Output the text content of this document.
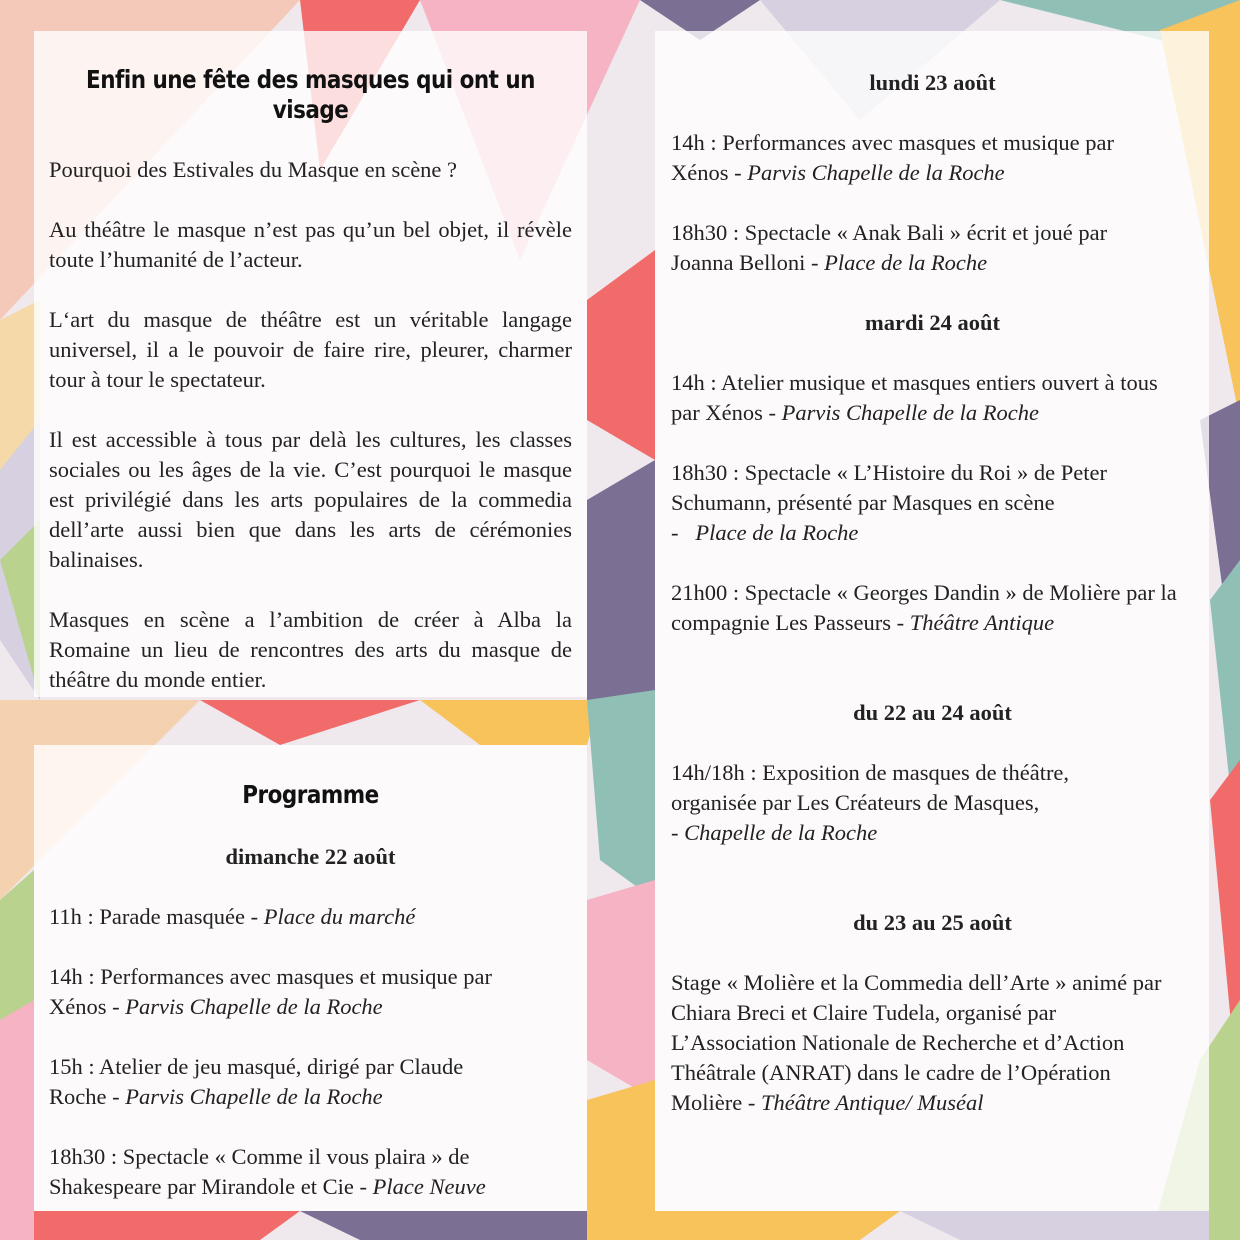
Enfin une fête des masques qui ont un visage

Pourquoi des Estivales du Masque en scène ?

Au théâtre le masque n’est pas qu’un bel objet, il révèle toute l’humanité de l’acteur.

L‘art du masque de théâtre est un véritable langage universel, il a le pouvoir de faire rire, pleurer, charmer tour à tour le spectateur.

Il est accessible à tous par delà les cultures, les classes sociales ou les âges de la vie. C’est pourquoi le masque est privilégié dans les arts populaires de la commedia dell’arte aussi bien que dans les arts de cérémonies balinaises.

Masques en scène a l’ambition de créer à Alba la Romaine un lieu de rencontres des arts du masque de théâtre du monde entier.

Programme

dimanche 22 août

11h : Parade masquée - Place du marché

14h : Performances avec masques et musique par Xénos - Parvis Chapelle de la Roche

15h : Atelier de jeu masqué, dirigé par Claude Roche - Parvis Chapelle de la Roche

18h30 : Spectacle « Comme il vous plaira » de Shakespeare par Mirandole et Cie - Place Neuve

lundi 23 août

14h : Performances avec masques et musique par Xénos - Parvis Chapelle de la Roche

18h30 : Spectacle « Anak Bali » écrit et joué par Joanna Belloni - Place de la Roche

mardi 24 août

14h : Atelier musique et masques entiers ouvert à tous par Xénos - Parvis Chapelle de la Roche

18h30 : Spectacle « L’Histoire du Roi » de Peter Schumann, présenté par Masques en scène
-   Place de la Roche

21h00 : Spectacle « Georges Dandin » de Molière par la compagnie Les Passeurs - Théâtre Antique

du 22 au 24 août

14h/18h : Exposition de masques de théâtre, organisée par Les Créateurs de Masques,
- Chapelle de la Roche

du 23 au 25 août

Stage « Molière et la Commedia dell’Arte » animé par Chiara Breci et Claire Tudela, organisé par L’Association Nationale de Recherche et d’Action Théâtrale (ANRAT) dans le cadre de l’Opération Molière - Théâtre Antique/ Muséal
